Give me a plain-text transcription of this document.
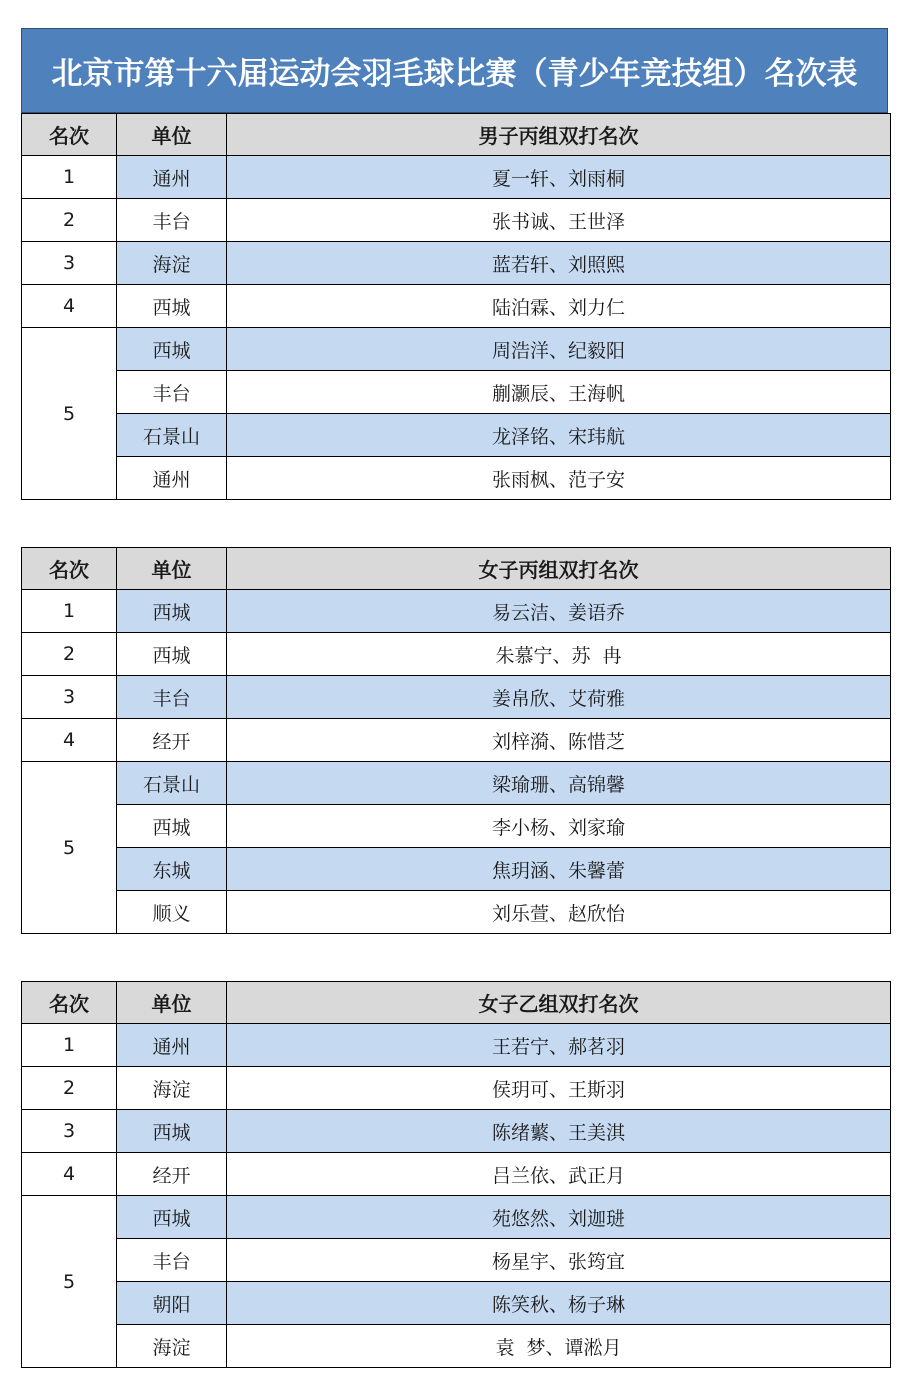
北京市第十六届运动会羽毛球比赛（青少年竞技组）名次表
名次	单位	男子丙组双打名次
1	通州	夏一轩、刘雨桐
2	丰台	张书诚、王世泽
3	海淀	蓝若轩、刘照熙
4	西城	陆泊霖、刘力仁
5	西城	周浩洋、纪毅阳
	丰台	蒯灏辰、王海帆
	石景山	龙泽铭、宋玮航
	通州	张雨枫、范子安
名次	单位	女子丙组双打名次
1	西城	易云洁、姜语乔
2	西城	朱慕宁、苏  冉
3	丰台	姜帛欣、艾荷雅
4	经开	刘梓漪、陈惜芝
5	石景山	梁瑜珊、高锦馨
	西城	李小杨、刘家瑜
	东城	焦玥涵、朱馨蕾
	顺义	刘乐萱、赵欣怡
名次	单位	女子乙组双打名次
1	通州	王若宁、郝茗羽
2	海淀	侯玥可、王斯羽
3	西城	陈绪蘩、王美淇
4	经开	吕兰依、武正月
5	西城	苑悠然、刘迦琎
	丰台	杨星宇、张筠宜
	朝阳	陈笑秋、杨子琳
	海淀	袁  梦、谭淞月
